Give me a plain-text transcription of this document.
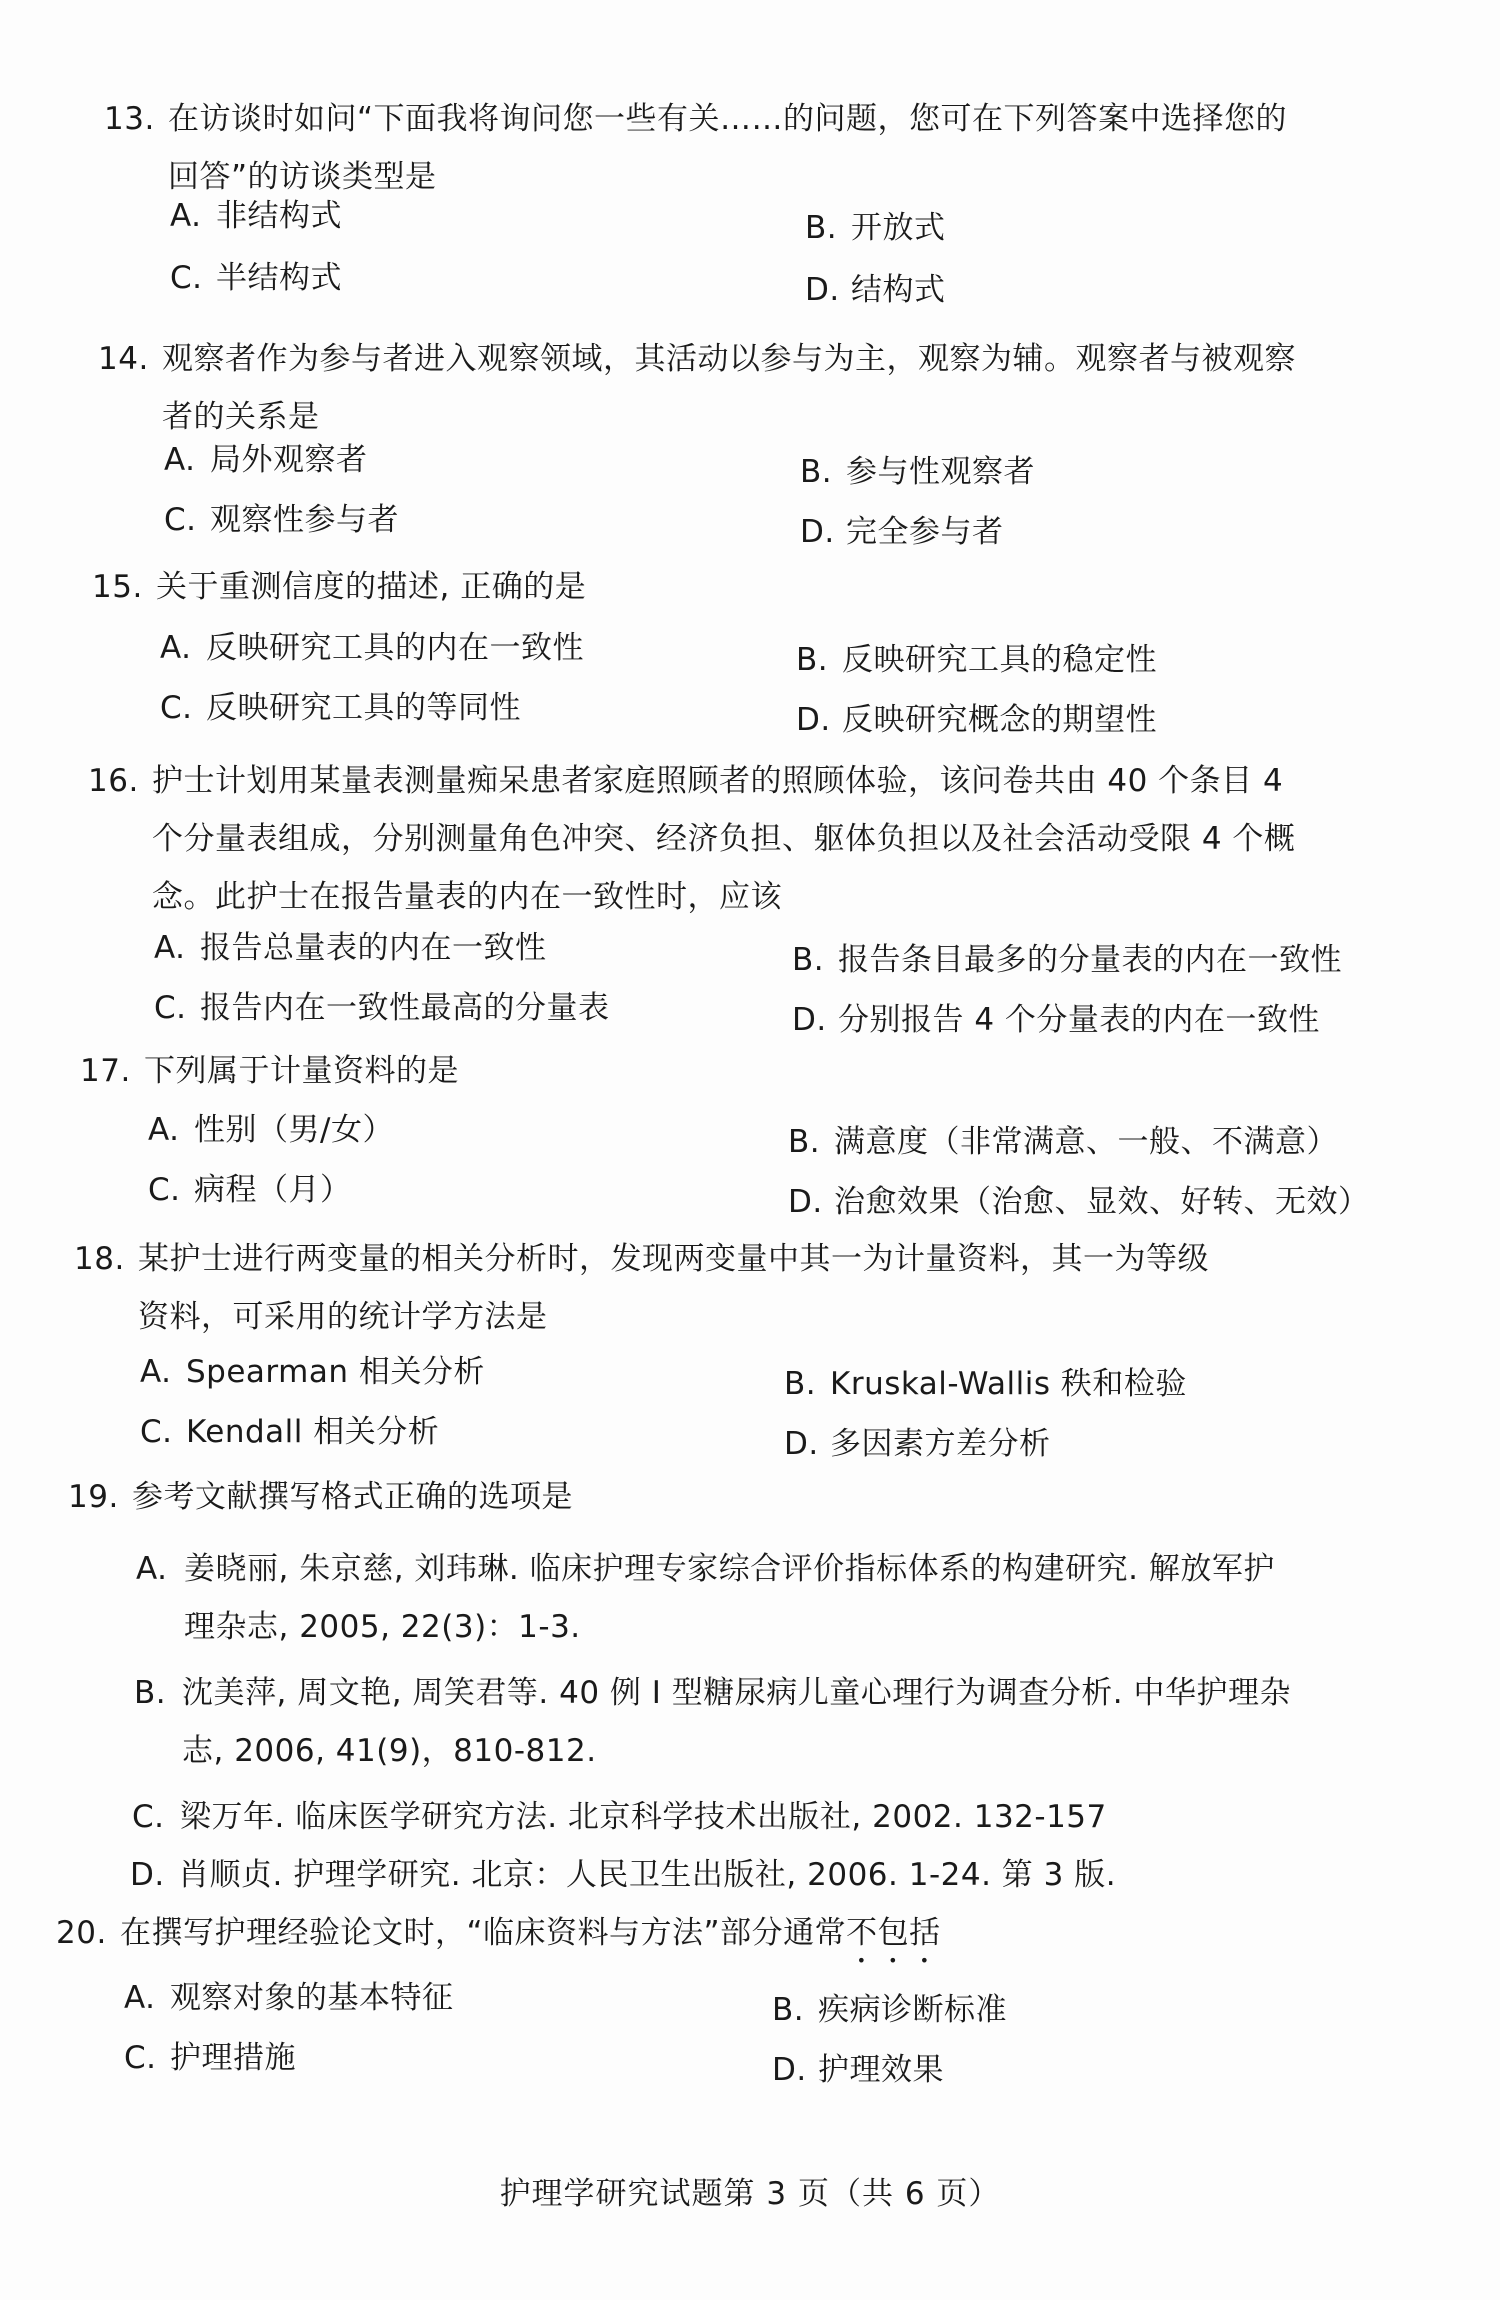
13. 在访谈时如问“下面我将询问您一些有关……的问题，您可在下列答案中选择您的
回答”的访谈类型是
A. 非结构式	B. 开放式
C. 半结构式	D. 结构式
14. 观察者作为参与者进入观察领域，其活动以参与为主，观察为辅。观察者与被观察
者的关系是
A. 局外观察者	B. 参与性观察者
C. 观察性参与者	D. 完全参与者
15. 关于重测信度的描述, 正确的是
A. 反映研究工具的内在一致性	B. 反映研究工具的稳定性
C. 反映研究工具的等同性	D. 反映研究概念的期望性
16. 护士计划用某量表测量痴呆患者家庭照顾者的照顾体验，该问卷共由 40 个条目 4
个分量表组成，分别测量角色冲突、经济负担、躯体负担以及社会活动受限 4 个概
念。此护士在报告量表的内在一致性时，应该
A. 报告总量表的内在一致性	B. 报告条目最多的分量表的内在一致性
C. 报告内在一致性最高的分量表	D. 分别报告 4 个分量表的内在一致性
17. 下列属于计量资料的是
A. 性别（男/女）	B. 满意度（非常满意、一般、不满意）
C. 病程（月）	D. 治愈效果（治愈、显效、好转、无效）
18. 某护士进行两变量的相关分析时，发现两变量中其一为计量资料，其一为等级
资料，可采用的统计学方法是
A. Spearman 相关分析	B. Kruskal-Wallis 秩和检验
C. Kendall 相关分析	D. 多因素方差分析
19. 参考文献撰写格式正确的选项是
A. 姜晓丽, 朱京慈, 刘玮琳. 临床护理专家综合评价指标体系的构建研究. 解放军护
理杂志, 2005, 22(3)：1-3.
B. 沈美萍, 周文艳, 周笑君等. 40 例 I 型糖尿病儿童心理行为调查分析. 中华护理杂
志, 2006, 41(9)，810-812.
C. 梁万年. 临床医学研究方法. 北京科学技术出版社, 2002. 132-157
D. 肖顺贞. 护理学研究. 北京：人民卫生出版社, 2006. 1-24. 第 3 版.
20. 在撰写护理经验论文时，“临床资料与方法”部分通常不包括
A. 观察对象的基本特征	B. 疾病诊断标准
C. 护理措施	D. 护理效果
护理学研究试题第 3 页（共 6 页）
